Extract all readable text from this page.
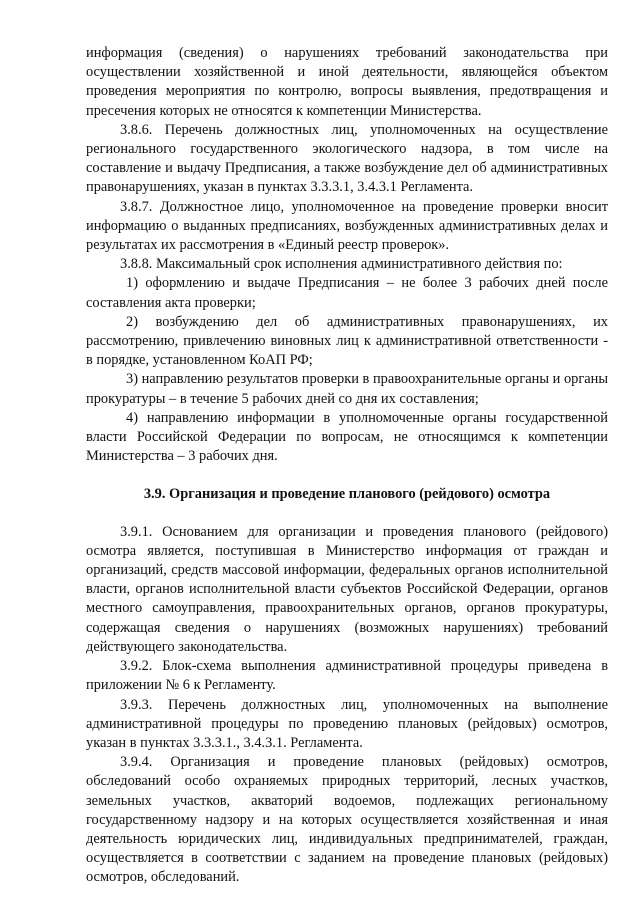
информация (сведения) о нарушениях требований законодательства при осуществлении хозяйственной и иной деятельности, являющейся объектом проведения мероприятия по контролю, вопросы выявления, предотвращения и пресечения которых не относятся к компетенции Министерства.

3.8.6. Перечень должностных лиц, уполномоченных на осуществление регионального государственного экологического надзора, в том числе на составление и выдачу Предписания, а также возбуждение дел об административных правонарушениях, указан в пунктах 3.3.3.1, 3.4.3.1 Регламента.

3.8.7. Должностное лицо, уполномоченное на проведение проверки вносит информацию о выданных предписаниях, возбужденных административных делах и результатах их рассмотрения в «Единый реестр проверок».

3.8.8. Максимальный срок исполнения административного действия по:

1) оформлению и выдаче Предписания – не более 3 рабочих дней после составления акта проверки;

2) возбуждению дел об административных правонарушениях, их рассмотрению, привлечению виновных лиц к административной ответственности - в порядке, установленном КоАП РФ;

3) направлению результатов проверки в правоохранительные органы и органы прокуратуры – в течение 5 рабочих дней со дня их составления;

4) направлению информации в уполномоченные органы государственной власти Российской Федерации по вопросам, не относящимся к компетенции Министерства – 3 рабочих дня.

3.9. Организация и проведение планового (рейдового) осмотра

3.9.1. Основанием для организации и проведения планового (рейдового) осмотра является, поступившая в Министерство информация от граждан и организаций, средств массовой информации, федеральных органов исполнительной власти, органов исполнительной власти субъектов Российской Федерации, органов местного самоуправления, правоохранительных органов, органов прокуратуры, содержащая сведения о нарушениях (возможных нарушениях) требований действующего законодательства.

3.9.2. Блок-схема выполнения административной процедуры приведена в приложении № 6 к Регламенту.

3.9.3. Перечень должностных лиц, уполномоченных на выполнение административной процедуры по проведению плановых (рейдовых) осмотров, указан в пунктах 3.3.3.1., 3.4.3.1. Регламента.

3.9.4. Организация и проведение плановых (рейдовых) осмотров, обследований особо охраняемых природных территорий, лесных участков, земельных участков, акваторий водоемов, подлежащих региональному государственному надзору и на которых осуществляется хозяйственная и иная деятельность юридических лиц, индивидуальных предпринимателей, граждан, осуществляется в соответствии с заданием на проведение плановых (рейдовых) осмотров, обследований.
